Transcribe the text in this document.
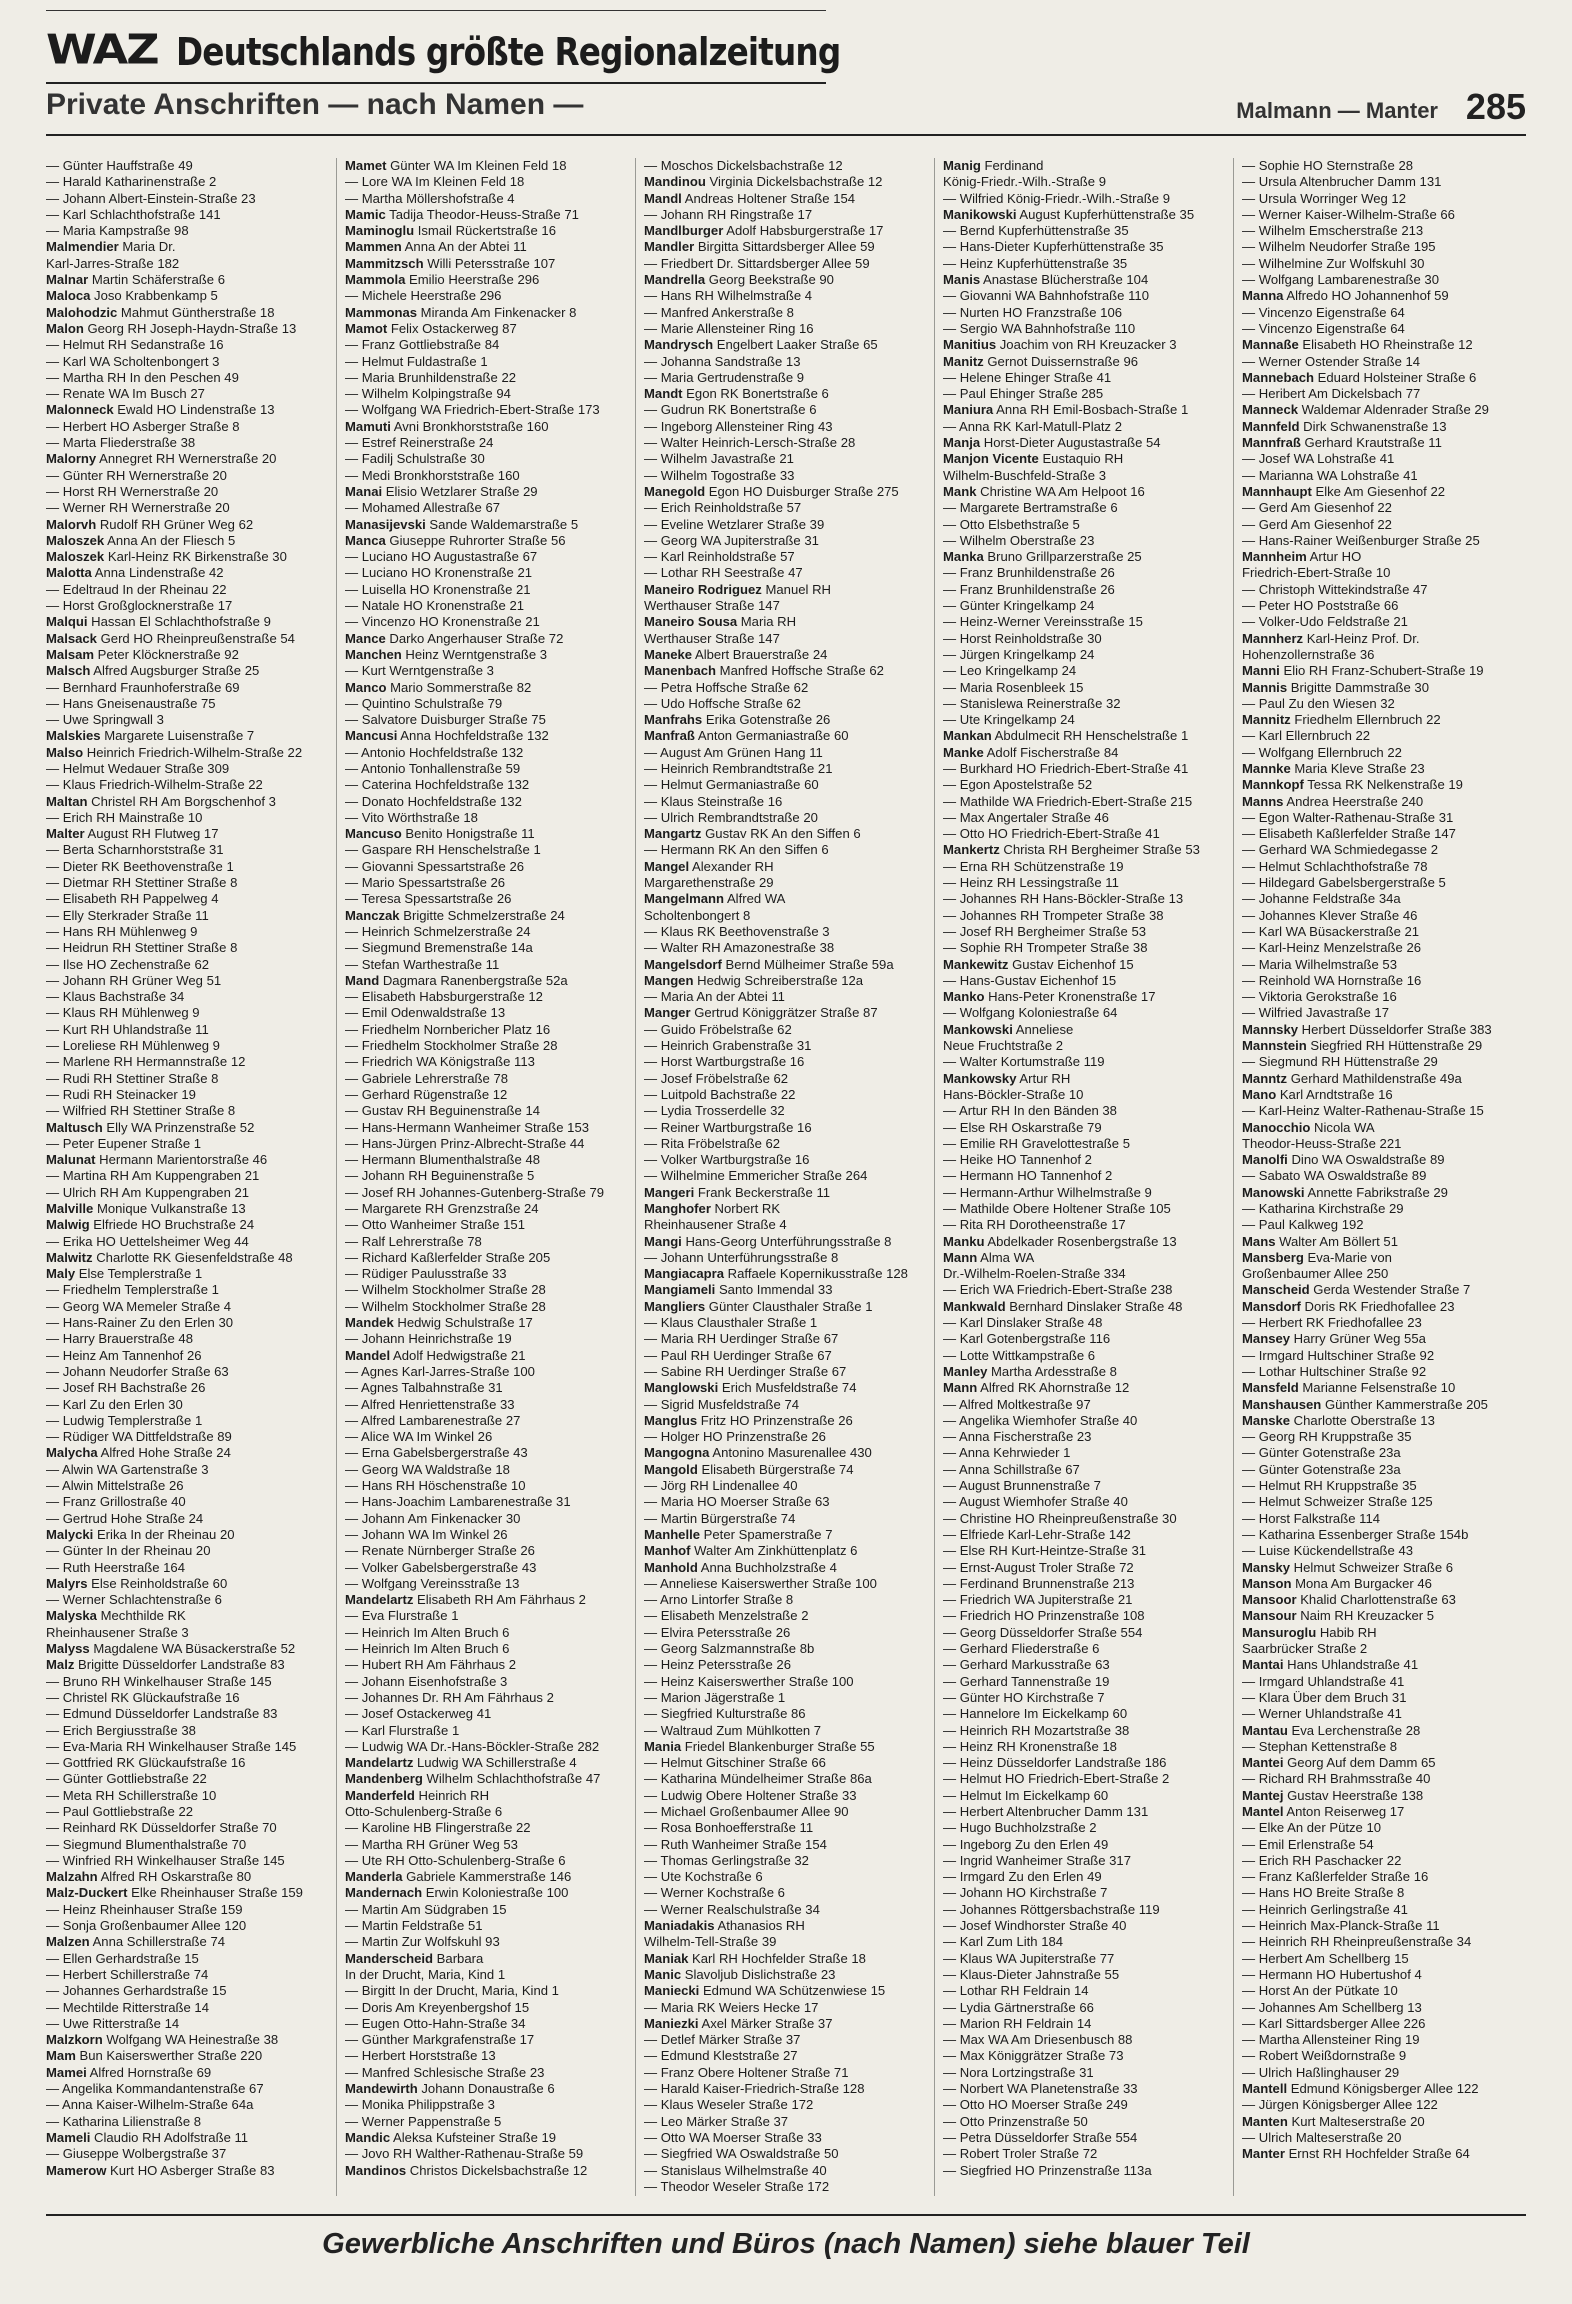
WAZ Deutschlands größte Regionalzeitung
Private Anschriften — nach Namen —	Malmann — Manter 285
— Günter Hauffstraße 49
— Harald Katharinenstraße 2
— Johann Albert-Einstein-Straße 23
— Karl Schlachthofstraße 141
— Maria Kampstraße 98
Malmendier Maria Dr.
Karl-Jarres-Straße 182
Malnar Martin Schäferstraße 6
Maloca Joso Krabbenkamp 5
Malohodzic Mahmut Güntherstraße 18
Malon Georg RH Joseph-Haydn-Straße 13
— Helmut RH Sedanstraße 16
— Karl WA Scholtenbongert 3
— Martha RH In den Peschen 49
— Renate WA Im Busch 27
Malonneck Ewald HO Lindenstraße 13
— Herbert HO Asberger Straße 8
— Marta Fliederstraße 38
Malorny Annegret RH Wernerstraße 20
— Günter RH Wernerstraße 20
— Horst RH Wernerstraße 20
— Werner RH Wernerstraße 20
Malorvh Rudolf RH Grüner Weg 62
Maloszek Anna An der Fliesch 5
Maloszek Karl-Heinz RK Birkenstraße 30
Malotta Anna Lindenstraße 42
— Edeltraud In der Rheinau 22
— Horst Großglocknerstraße 17
Malqui Hassan El Schlachthofstraße 9
Malsack Gerd HO Rheinpreußenstraße 54
Malsam Peter Klöcknerstraße 92
Malsch Alfred Augsburger Straße 25
— Bernhard Fraunhoferstraße 69
— Hans Gneisenaustraße 75
— Uwe Springwall 3
Malskies Margarete Luisenstraße 7
Malso Heinrich Friedrich-Wilhelm-Straße 22
— Helmut Wedauer Straße 309
— Klaus Friedrich-Wilhelm-Straße 22
Maltan Christel RH Am Borgschenhof 3
— Erich RH Mainstraße 10
Malter August RH Flutweg 17
— Berta Scharnhorststraße 31
— Dieter RK Beethovenstraße 1
— Dietmar RH Stettiner Straße 8
— Elisabeth RH Pappelweg 4
— Elly Sterkrader Straße 11
— Hans RH Mühlenweg 9
— Heidrun RH Stettiner Straße 8
— Ilse HO Zechenstraße 62
— Johann RH Grüner Weg 51
— Klaus Bachstraße 34
— Klaus RH Mühlenweg 9
— Kurt RH Uhlandstraße 11
— Loreliese RH Mühlenweg 9
— Marlene RH Hermannstraße 12
— Rudi RH Stettiner Straße 8
— Rudi RH Steinacker 19
— Wilfried RH Stettiner Straße 8
Maltusch Elly WA Prinzenstraße 52
— Peter Eupener Straße 1
Malunat Hermann Marientorstraße 46
— Martina RH Am Kuppengraben 21
— Ulrich RH Am Kuppengraben 21
Malville Monique Vulkanstraße 13
Malwig Elfriede HO Bruchstraße 24
— Erika HO Uettelsheimer Weg 44
Malwitz Charlotte RK Giesenfeldstraße 48
Maly Else Templerstraße 1
— Friedhelm Templerstraße 1
— Georg WA Memeler Straße 4
— Hans-Rainer Zu den Erlen 30
— Harry Brauerstraße 48
— Heinz Am Tannenhof 26
— Johann Neudorfer Straße 63
— Josef RH Bachstraße 26
— Karl Zu den Erlen 30
— Ludwig Templerstraße 1
— Rüdiger WA Dittfeldstraße 89
Malycha Alfred Hohe Straße 24
— Alwin WA Gartenstraße 3
— Alwin Mittelstraße 26
— Franz Grillostraße 40
— Gertrud Hohe Straße 24
Malycki Erika In der Rheinau 20
— Günter In der Rheinau 20
— Ruth Heerstraße 164
Malyrs Else Reinholdstraße 60
— Werner Schlachtenstraße 6
Malyska Mechthilde RK
Rheinhausener Straße 3
Malyss Magdalene WA Büsackerstraße 52
Malz Brigitte Düsseldorfer Landstraße 83
— Bruno RH Winkelhauser Straße 145
— Christel RK Glückaufstraße 16
— Edmund Düsseldorfer Landstraße 83
— Erich Bergiusstraße 38
— Eva-Maria RH Winkelhauser Straße 145
— Gottfried RK Glückaufstraße 16
— Günter Gottliebstraße 22
— Meta RH Schillerstraße 10
— Paul Gottliebstraße 22
— Reinhard RK Düsseldorfer Straße 70
— Siegmund Blumenthalstraße 70
— Winfried RH Winkelhauser Straße 145
Malzahn Alfred RH Oskarstraße 80
Malz-Duckert Elke Rheinhauser Straße 159
— Heinz Rheinhauser Straße 159
— Sonja Großenbaumer Allee 120
Malzen Anna Schillerstraße 74
— Ellen Gerhardstraße 15
— Herbert Schillerstraße 74
— Johannes Gerhardstraße 15
— Mechtilde Ritterstraße 14
— Uwe Ritterstraße 14
Malzkorn Wolfgang WA Heinestraße 38
Mam Bun Kaiserswerther Straße 220
Mamei Alfred Hornstraße 69
— Angelika Kommandantenstraße 67
— Anna Kaiser-Wilhelm-Straße 64a
— Katharina Lilienstraße 8
Mameli Claudio RH Adolfstraße 11
— Giuseppe Wolbergstraße 37
Mamerow Kurt HO Asberger Straße 83
Mamet Günter WA Im Kleinen Feld 18
— Lore WA Im Kleinen Feld 18
— Martha Möllershofstraße 4
Mamic Tadija Theodor-Heuss-Straße 71
Maminoglu Ismail Rückertstraße 16
Mammen Anna An der Abtei 11
Mammitzsch Willi Petersstraße 107
Mammola Emilio Heerstraße 296
— Michele Heerstraße 296
Mammonas Miranda Am Finkenacker 8
Mamot Felix Ostackerweg 87
— Franz Gottliebstraße 84
— Helmut Fuldastraße 1
— Maria Brunhildenstraße 22
— Wilhelm Kolpingstraße 94
— Wolfgang WA Friedrich-Ebert-Straße 173
Mamuti Avni Bronkhorststraße 160
— Estref Reinerstraße 24
— Fadilj Schulstraße 30
— Medi Bronkhorststraße 160
Manai Elisio Wetzlarer Straße 29
— Mohamed Allestraße 67
Manasijevski Sande Waldemarstraße 5
Manca Giuseppe Ruhrorter Straße 56
— Luciano HO Augustastraße 67
— Luciano HO Kronenstraße 21
— Luisella HO Kronenstraße 21
— Natale HO Kronenstraße 21
— Vincenzo HO Kronenstraße 21
Mance Darko Angerhauser Straße 72
Manchen Heinz Werntgenstraße 3
— Kurt Werntgenstraße 3
Manco Mario Sommerstraße 82
— Quintino Schulstraße 79
— Salvatore Duisburger Straße 75
Mancusi Anna Hochfeldstraße 132
— Antonio Hochfeldstraße 132
— Antonio Tonhallenstraße 59
— Caterina Hochfeldstraße 132
— Donato Hochfeldstraße 132
— Vito Wörthstraße 18
Mancuso Benito Honigstraße 11
— Gaspare RH Henschelstraße 1
— Giovanni Spessartstraße 26
— Mario Spessartstraße 26
— Teresa Spessartstraße 26
Manczak Brigitte Schmelzerstraße 24
— Heinrich Schmelzerstraße 24
— Siegmund Bremenstraße 14a
— Stefan Warthestraße 11
Mand Dagmara Ranenbergstraße 52a
— Elisabeth Habsburgerstraße 12
— Emil Odenwaldstraße 13
— Friedhelm Nornbericher Platz 16
— Friedhelm Stockholmer Straße 28
— Friedrich WA Königstraße 113
— Gabriele Lehrerstraße 78
— Gerhard Rügenstraße 12
— Gustav RH Beguinenstraße 14
— Hans-Hermann Wanheimer Straße 153
— Hans-Jürgen Prinz-Albrecht-Straße 44
— Hermann Blumenthalstraße 48
— Johann RH Beguinenstraße 5
— Josef RH Johannes-Gutenberg-Straße 79
— Margarete RH Grenzstraße 24
— Otto Wanheimer Straße 151
— Ralf Lehrerstraße 78
— Richard Kaßlerfelder Straße 205
— Rüdiger Paulusstraße 33
— Wilhelm Stockholmer Straße 28
— Wilhelm Stockholmer Straße 28
Mandek Hedwig Schulstraße 17
— Johann Heinrichstraße 19
Mandel Adolf Hedwigstraße 21
— Agnes Karl-Jarres-Straße 100
— Agnes Talbahnstraße 31
— Alfred Henriettenstraße 33
— Alfred Lambarenestraße 27
— Alice WA Im Winkel 26
— Erna Gabelsbergerstraße 43
— Georg WA Waldstraße 18
— Hans RH Höschenstraße 10
— Hans-Joachim Lambarenestraße 31
— Johann Am Finkenacker 30
— Johann WA Im Winkel 26
— Renate Nürnberger Straße 26
— Volker Gabelsbergerstraße 43
— Wolfgang Vereinsstraße 13
Mandelartz Elisabeth RH Am Fährhaus 2
— Eva Flurstraße 1
— Heinrich Im Alten Bruch 6
— Heinrich Im Alten Bruch 6
— Hubert RH Am Fährhaus 2
— Johann Eisenhofstraße 3
— Johannes Dr. RH Am Fährhaus 2
— Josef Ostackerweg 41
— Karl Flurstraße 1
— Ludwig WA Dr.-Hans-Böckler-Straße 282
Mandelartz Ludwig WA Schillerstraße 4
Mandenberg Wilhelm Schlachthofstraße 47
Manderfeld Heinrich RH
Otto-Schulenberg-Straße 6
— Karoline HB Flingerstraße 22
— Martha RH Grüner Weg 53
— Ute RH Otto-Schulenberg-Straße 6
Manderla Gabriele Kammerstraße 146
Mandernach Erwin Koloniestraße 100
— Martin Am Südgraben 15
— Martin Feldstraße 51
— Martin Zur Wolfskuhl 93
Manderscheid Barbara
In der Drucht, Maria, Kind 1
— Birgitt In der Drucht, Maria, Kind 1
— Doris Am Kreyenbergshof 15
— Eugen Otto-Hahn-Straße 34
— Günther Markgrafenstraße 17
— Herbert Horststraße 13
— Manfred Schlesische Straße 23
Mandewirth Johann Donaustraße 6
— Monika Philippstraße 3
— Werner Pappenstraße 5
Mandic Aleksa Kufsteiner Straße 19
— Jovo RH Walther-Rathenau-Straße 59
Mandinos Christos Dickelsbachstraße 12
— Moschos Dickelsbachstraße 12
Mandinou Virginia Dickelsbachstraße 12
Mandl Andreas Holtener Straße 154
— Johann RH Ringstraße 17
Mandlburger Adolf Habsburgerstraße 17
Mandler Birgitta Sittardsberger Allee 59
— Friedbert Dr. Sittardsberger Allee 59
Mandrella Georg Beekstraße 90
— Hans RH Wilhelmstraße 4
— Manfred Ankerstraße 8
— Marie Allensteiner Ring 16
Mandrysch Engelbert Laaker Straße 65
— Johanna Sandstraße 13
— Maria Gertrudenstraße 9
Mandt Egon RK Bonertstraße 6
— Gudrun RK Bonertstraße 6
— Ingeborg Allensteiner Ring 43
— Walter Heinrich-Lersch-Straße 28
— Wilhelm Javastraße 21
— Wilhelm Togostraße 33
Manegold Egon HO Duisburger Straße 275
— Erich Reinholdstraße 57
— Eveline Wetzlarer Straße 39
— Georg WA Jupiterstraße 31
— Karl Reinholdstraße 57
— Lothar RH Seestraße 47
Maneiro Rodriguez Manuel RH
Werthauser Straße 147
Maneiro Sousa Maria RH
Werthauser Straße 147
Maneke Albert Brauerstraße 24
Manenbach Manfred Hoffsche Straße 62
— Petra Hoffsche Straße 62
— Udo Hoffsche Straße 62
Manfrahs Erika Gotenstraße 26
Manfraß Anton Germaniastraße 60
— August Am Grünen Hang 11
— Heinrich Rembrandtstraße 21
— Helmut Germaniastraße 60
— Klaus Steinstraße 16
— Ulrich Rembrandtstraße 20
Mangartz Gustav RK An den Siffen 6
— Hermann RK An den Siffen 6
Mangel Alexander RH
Margarethenstraße 29
Mangelmann Alfred WA
Scholtenbongert 8
— Klaus RK Beethovenstraße 3
— Walter RH Amazonestraße 38
Mangelsdorf Bernd Mülheimer Straße 59a
Mangen Hedwig Schreiberstraße 12a
— Maria An der Abtei 11
Manger Gertrud Königgrätzer Straße 87
— Guido Fröbelstraße 62
— Heinrich Grabenstraße 31
— Horst Wartburgstraße 16
— Josef Fröbelstraße 62
— Luitpold Bachstraße 22
— Lydia Trosserdelle 32
— Reiner Wartburgstraße 16
— Rita Fröbelstraße 62
— Volker Wartburgstraße 16
— Wilhelmine Emmericher Straße 264
Mangeri Frank Beckerstraße 11
Manghofer Norbert RK
Rheinhausener Straße 4
Mangi Hans-Georg Unterführungsstraße 8
— Johann Unterführungsstraße 8
Mangiacapra Raffaele Kopernikusstraße 128
Mangiameli Santo Immendal 33
Mangliers Günter Clausthaler Straße 1
— Klaus Clausthaler Straße 1
— Maria RH Uerdinger Straße 67
— Paul RH Uerdinger Straße 67
— Sabine RH Uerdinger Straße 67
Manglowski Erich Musfeldstraße 74
— Sigrid Musfeldstraße 74
Manglus Fritz HO Prinzenstraße 26
— Holger HO Prinzenstraße 26
Mangogna Antonino Masurenallee 430
Mangold Elisabeth Bürgerstraße 74
— Jörg RH Lindenallee 40
— Maria HO Moerser Straße 63
— Martin Bürgerstraße 74
Manhelle Peter Spamerstraße 7
Manhof Walter Am Zinkhüttenplatz 6
Manhold Anna Buchholzstraße 4
— Anneliese Kaiserswerther Straße 100
— Arno Lintorfer Straße 8
— Elisabeth Menzelstraße 2
— Elvira Petersstraße 26
— Georg Salzmannstraße 8b
— Heinz Petersstraße 26
— Heinz Kaiserswerther Straße 100
— Marion Jägerstraße 1
— Siegfried Kulturstraße 86
— Waltraud Zum Mühlkotten 7
Mania Friedel Blankenburger Straße 55
— Helmut Gitschiner Straße 66
— Katharina Mündelheimer Straße 86a
— Ludwig Obere Holtener Straße 33
— Michael Großenbaumer Allee 90
— Rosa Bonhoefferstraße 11
— Ruth Wanheimer Straße 154
— Thomas Gerlingstraße 32
— Ute Kochstraße 6
— Werner Kochstraße 6
— Werner Realschulstraße 34
Maniadakis Athanasios RH
Wilhelm-Tell-Straße 39
Maniak Karl RH Hochfelder Straße 18
Manic Slavoljub Dislichstraße 23
Maniecki Edmund WA Schützenwiese 15
— Maria RK Weiers Hecke 17
Maniezki Axel Märker Straße 37
— Detlef Märker Straße 37
— Edmund Kleststraße 27
— Franz Obere Holtener Straße 71
— Harald Kaiser-Friedrich-Straße 128
— Klaus Weseler Straße 172
— Leo Märker Straße 37
— Otto WA Moerser Straße 33
— Siegfried WA Oswaldstraße 50
— Stanislaus Wilhelmstraße 40
— Theodor Weseler Straße 172
Manig Ferdinand
König-Friedr.-Wilh.-Straße 9
— Wilfried König-Friedr.-Wilh.-Straße 9
Manikowski August Kupferhüttenstraße 35
— Bernd Kupferhüttenstraße 35
— Hans-Dieter Kupferhüttenstraße 35
— Heinz Kupferhüttenstraße 35
Manis Anastase Blücherstraße 104
— Giovanni WA Bahnhofstraße 110
— Nurten HO Franzstraße 106
— Sergio WA Bahnhofstraße 110
Manitius Joachim von RH Kreuzacker 3
Manitz Gernot Duissernstraße 96
— Helene Ehinger Straße 41
— Paul Ehinger Straße 285
Maniura Anna RH Emil-Bosbach-Straße 1
— Anna RK Karl-Matull-Platz 2
Manja Horst-Dieter Augustastraße 54
Manjon Vicente Eustaquio RH
Wilhelm-Buschfeld-Straße 3
Mank Christine WA Am Helpoot 16
— Margarete Bertramstraße 6
— Otto Elsbethstraße 5
— Wilhelm Oberstraße 23
Manka Bruno Grillparzerstraße 25
— Franz Brunhildenstraße 26
— Franz Brunhildenstraße 26
— Günter Kringelkamp 24
— Heinz-Werner Vereinsstraße 15
— Horst Reinholdstraße 30
— Jürgen Kringelkamp 24
— Leo Kringelkamp 24
— Maria Rosenbleek 15
— Stanislewa Reinerstraße 32
— Ute Kringelkamp 24
Mankan Abdulmecit RH Henschelstraße 1
Manke Adolf Fischerstraße 84
— Burkhard HO Friedrich-Ebert-Straße 41
— Egon Apostelstraße 52
— Mathilde WA Friedrich-Ebert-Straße 215
— Max Angertaler Straße 46
— Otto HO Friedrich-Ebert-Straße 41
Mankertz Christa RH Bergheimer Straße 53
— Erna RH Schützenstraße 19
— Heinz RH Lessingstraße 11
— Johannes RH Hans-Böckler-Straße 13
— Johannes RH Trompeter Straße 38
— Josef RH Bergheimer Straße 53
— Sophie RH Trompeter Straße 38
Mankewitz Gustav Eichenhof 15
— Hans-Gustav Eichenhof 15
Manko Hans-Peter Kronenstraße 17
— Wolfgang Koloniestraße 64
Mankowski Anneliese
Neue Fruchtstraße 2
— Walter Kortumstraße 119
Mankowsky Artur RH
Hans-Böckler-Straße 10
— Artur RH In den Bänden 38
— Else RH Oskarstraße 79
— Emilie RH Gravelottestraße 5
— Heike HO Tannenhof 2
— Hermann HO Tannenhof 2
— Hermann-Arthur Wilhelmstraße 9
— Mathilde Obere Holtener Straße 105
— Rita RH Dorotheenstraße 17
Manku Abdelkader Rosenbergstraße 13
Mann Alma WA
Dr.-Wilhelm-Roelen-Straße 334
— Erich WA Friedrich-Ebert-Straße 238
Mankwald Bernhard Dinslaker Straße 48
— Karl Dinslaker Straße 48
— Karl Gotenbergstraße 116
— Lotte Wittkampstraße 6
Manley Martha Ardesstraße 8
Mann Alfred RK Ahornstraße 12
— Alfred Moltkestraße 97
— Angelika Wiemhofer Straße 40
— Anna Fischerstraße 23
— Anna Kehrwieder 1
— Anna Schillstraße 67
— August Brunnenstraße 7
— August Wiemhofer Straße 40
— Christine HO Rheinpreußenstraße 30
— Elfriede Karl-Lehr-Straße 142
— Else RH Kurt-Heintze-Straße 31
— Ernst-August Troler Straße 72
— Ferdinand Brunnenstraße 213
— Friedrich WA Jupiterstraße 21
— Friedrich HO Prinzenstraße 108
— Georg Düsseldorfer Straße 554
— Gerhard Fliederstraße 6
— Gerhard Markusstraße 63
— Gerhard Tannenstraße 19
— Günter HO Kirchstraße 7
— Hannelore Im Eickelkamp 60
— Heinrich RH Mozartstraße 38
— Heinz RH Kronenstraße 18
— Heinz Düsseldorfer Landstraße 186
— Helmut HO Friedrich-Ebert-Straße 2
— Helmut Im Eickelkamp 60
— Herbert Altenbrucher Damm 131
— Hugo Buchholzstraße 2
— Ingeborg Zu den Erlen 49
— Ingrid Wanheimer Straße 317
— Irmgard Zu den Erlen 49
— Johann HO Kirchstraße 7
— Johannes Röttgersbachstraße 119
— Josef Windhorster Straße 40
— Karl Zum Lith 184
— Klaus WA Jupiterstraße 77
— Klaus-Dieter Jahnstraße 55
— Lothar RH Feldrain 14
— Lydia Gärtnerstraße 66
— Marion RH Feldrain 14
— Max WA Am Driesenbusch 88
— Max Königgrätzer Straße 73
— Nora Lortzingstraße 31
— Norbert WA Planetenstraße 33
— Otto HO Moerser Straße 249
— Otto Prinzenstraße 50
— Petra Düsseldorfer Straße 554
— Robert Troler Straße 72
— Siegfried HO Prinzenstraße 113a
— Sophie HO Sternstraße 28
— Ursula Altenbrucher Damm 131
— Ursula Worringer Weg 12
— Werner Kaiser-Wilhelm-Straße 66
— Wilhelm Emscherstraße 213
— Wilhelm Neudorfer Straße 195
— Wilhelmine Zur Wolfskuhl 30
— Wolfgang Lambarenestraße 30
Manna Alfredo HO Johannenhof 59
— Vincenzo Eigenstraße 64
— Vincenzo Eigenstraße 64
Mannaße Elisabeth HO Rheinstraße 12
— Werner Ostender Straße 14
Mannebach Eduard Holsteiner Straße 6
— Heribert Am Dickelsbach 77
Manneck Waldemar Aldenrader Straße 29
Mannfeld Dirk Schwanenstraße 13
Mannfraß Gerhard Krautstraße 11
— Josef WA Lohstraße 41
— Marianna WA Lohstraße 41
Mannhaupt Elke Am Giesenhof 22
— Gerd Am Giesenhof 22
— Gerd Am Giesenhof 22
— Hans-Rainer Weißenburger Straße 25
Mannheim Artur HO
Friedrich-Ebert-Straße 10
— Christoph Wittekindstraße 47
— Peter HO Poststraße 66
— Volker-Udo Feldstraße 21
Mannherz Karl-Heinz Prof. Dr.
Hohenzollernstraße 36
Manni Elio RH Franz-Schubert-Straße 19
Mannis Brigitte Dammstraße 30
— Paul Zu den Wiesen 32
Mannitz Friedhelm Ellernbruch 22
— Karl Ellernbruch 22
— Wolfgang Ellernbruch 22
Mannke Maria Kleve Straße 23
Mannkopf Tessa RK Nelkenstraße 19
Manns Andrea Heerstraße 240
— Egon Walter-Rathenau-Straße 31
— Elisabeth Kaßlerfelder Straße 147
— Gerhard WA Schmiedegasse 2
— Helmut Schlachthofstraße 78
— Hildegard Gabelsbergerstraße 5
— Johanne Feldstraße 34a
— Johannes Klever Straße 46
— Karl WA Büsackerstraße 21
— Karl-Heinz Menzelstraße 26
— Maria Wilhelmstraße 53
— Reinhold WA Hornstraße 16
— Viktoria Gerokstraße 16
— Wilfried Javastraße 17
Mannsky Herbert Düsseldorfer Straße 383
Mannstein Siegfried RH Hüttenstraße 29
— Siegmund RH Hüttenstraße 29
Manntz Gerhard Mathildenstraße 49a
Mano Karl Arndtstraße 16
— Karl-Heinz Walter-Rathenau-Straße 15
Manocchio Nicola WA
Theodor-Heuss-Straße 221
Manolfi Dino WA Oswaldstraße 89
— Sabato WA Oswaldstraße 89
Manowski Annette Fabrikstraße 29
— Katharina Kirchstraße 29
— Paul Kalkweg 192
Mans Walter Am Böllert 51
Mansberg Eva-Marie von
Großenbaumer Allee 250
Manscheid Gerda Westender Straße 7
Mansdorf Doris RK Friedhofallee 23
— Herbert RK Friedhofallee 23
Mansey Harry Grüner Weg 55a
— Irmgard Hultschiner Straße 92
— Lothar Hultschiner Straße 92
Mansfeld Marianne Felsenstraße 10
Manshausen Günther Kammerstraße 205
Manske Charlotte Oberstraße 13
— Georg RH Kruppstraße 35
— Günter Gotenstraße 23a
— Günter Gotenstraße 23a
— Helmut RH Kruppstraße 35
— Helmut Schweizer Straße 125
— Horst Falkstraße 114
— Katharina Essenberger Straße 154b
— Luise Kückendellstraße 43
Mansky Helmut Schweizer Straße 6
Manson Mona Am Burgacker 46
Mansoor Khalid Charlottenstraße 63
Mansour Naim RH Kreuzacker 5
Mansuroglu Habib RH
Saarbrücker Straße 2
Mantai Hans Uhlandstraße 41
— Irmgard Uhlandstraße 41
— Klara Über dem Bruch 31
— Werner Uhlandstraße 41
Mantau Eva Lerchenstraße 28
— Stephan Kettenstraße 8
Mantei Georg Auf dem Damm 65
— Richard RH Brahmsstraße 40
Mantej Gustav Heerstraße 138
Mantel Anton Reiserweg 17
— Elke An der Pütze 10
— Emil Erlenstraße 54
— Erich RH Paschacker 22
— Franz Kaßlerfelder Straße 16
— Hans HO Breite Straße 8
— Heinrich Gerlingstraße 41
— Heinrich Max-Planck-Straße 11
— Heinrich RH Rheinpreußenstraße 34
— Herbert Am Schellberg 15
— Hermann HO Hubertushof 4
— Horst An der Pütkate 10
— Johannes Am Schellberg 13
— Karl Sittardsberger Allee 226
— Martha Allensteiner Ring 19
— Robert Weißdornstraße 9
— Ulrich Haßlinghauser 29
Mantell Edmund Königsberger Allee 122
— Jürgen Königsberger Allee 122
Manten Kurt Malteserstraße 20
— Ulrich Malteserstraße 20
Manter Ernst RH Hochfelder Straße 64
Gewerbliche Anschriften und Büros (nach Namen) siehe blauer Teil
